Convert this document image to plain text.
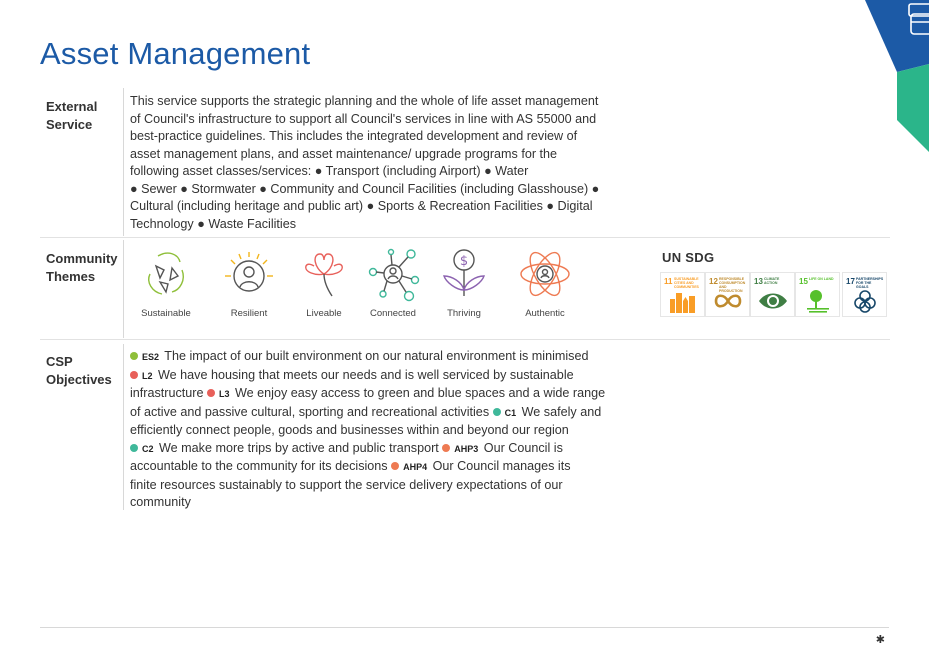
Asset Management
External Service
This service supports the strategic planning and the whole of life asset management
of Council's infrastructure to support all Council's services in line with AS 55000 and
best-practice guidelines. This includes the integrated development and review of
asset management plans, and asset maintenance/ upgrade programs for the
following asset classes/services: ● Transport (including Airport) ● Water
● Sewer ● Stormwater ● Community and Council Facilities (including Glasshouse) ●
Cultural (including heritage and public art) ● Sports & Recreation Facilities ● Digital
Technology ● Waste Facilities
Community Themes
Sustainable	Resilient	Liveable	Connected
$
Thriving	Authentic
UN SDG
11 SUSTAINABLE CITIES AND COMMUNITIES
12 RESPONSIBLE CONSUMPTION AND PRODUCTION
13 CLIMATE ACTION	15 LIFE ON LAND	17 PARTNERSHIPS FOR THE GOALS
CSP Objectives
ES2 The impact of our built environment on our natural environment is minimised
L2 We have housing that meets our needs and is well serviced by sustainable
infrastructure L3 We enjoy easy access to green and blue spaces and a wide range
of active and passive cultural, sporting and recreational activities C1 We safely and
efficiently connect people, goods and businesses within and beyond our region
C2 We make more trips by active and public transport AHP3 Our Council is
accountable to the community for its decisions AHP4 Our Council manages its
finite resources sustainably to support the service delivery expectations of our
community
✱
